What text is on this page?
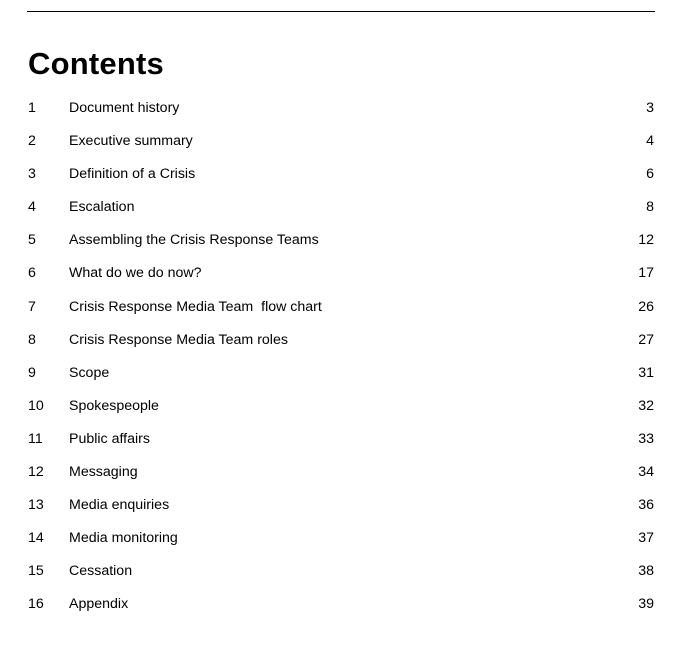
Contents
1 Document history	3
2 Executive summary	4
3 Definition of a Crisis	6
4 Escalation	8
5 Assembling the Crisis Response Teams	12
6 What do we do now?	17
7 Crisis Response Media Team  flow chart	26
8 Crisis Response Media Team roles	27
9 Scope	31
10 Spokespeople	32
11 Public affairs	33
12 Messaging	34
13 Media enquiries	36
14 Media monitoring	37
15 Cessation	38
16 Appendix	39
